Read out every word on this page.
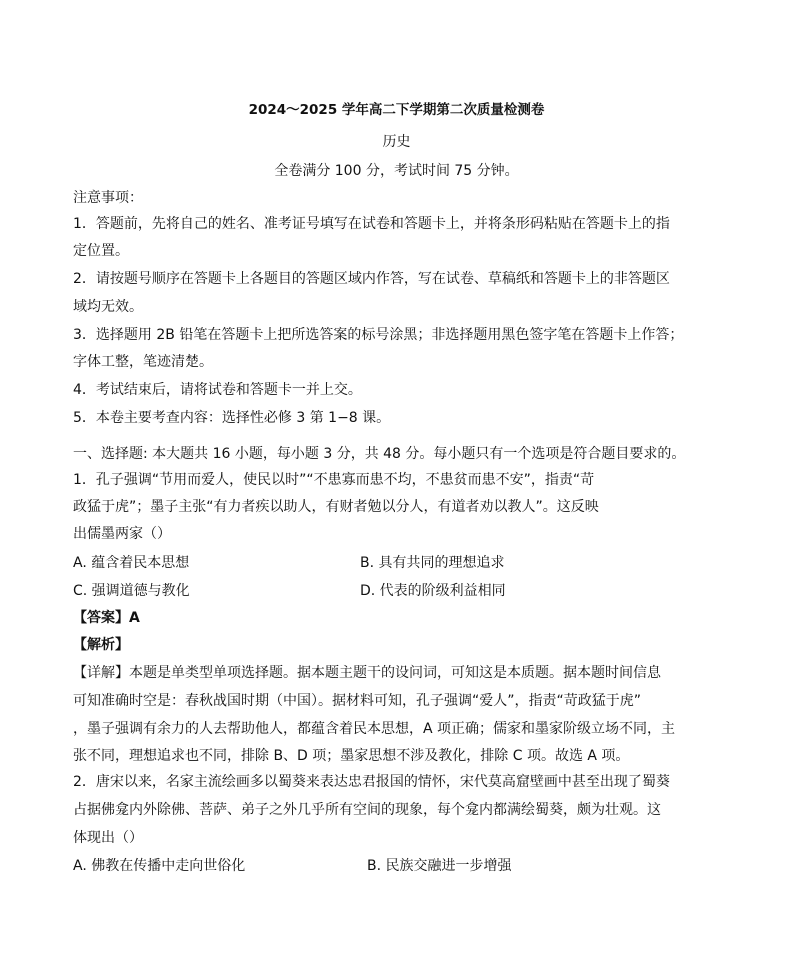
2024～2025 学年高二下学期第二次质量检测卷
历史
全卷满分 100 分，考试时间 75 分钟。
注意事项：
1．答题前，先将自己的姓名、准考证号填写在试卷和答题卡上，并将条形码粘贴在答题卡上的指
定位置。
2．请按题号顺序在答题卡上各题目的答题区域内作答，写在试卷、草稿纸和答题卡上的非答题区
域均无效。
3．选择题用 2B 铅笔在答题卡上把所选答案的标号涂黑；非选择题用黑色签字笔在答题卡上作答；
字体工整，笔迹清楚。
4．考试结束后，请将试卷和答题卡一并上交。
5．本卷主要考查内容：选择性必修 3 第 1−8 课。
一、选择题: 本大题共 16 小题，每小题 3 分，共 48 分。每小题只有一个选项是符合题目要求的。
1．孔子强调“节用而爱人，使民以时”“不患寡而患不均，不患贫而患不安”，指责“苛
政猛于虎”；墨子主张“有力者疾以助人，有财者勉以分人，有道者劝以教人”。这反映
出儒墨两家（）
A. 蕴含着民本思想	B. 具有共同的理想追求
C. 强调道德与教化	D. 代表的阶级利益相同
【答案】A
【解析】
【详解】本题是单类型单项选择题。据本题主题干的设问词，可知这是本质题。据本题时间信息
可知准确时空是：春秋战国时期（中国）。据材料可知，孔子强调“爱人”，指责“苛政猛于虎”
，墨子强调有余力的人去帮助他人，都蕴含着民本思想，A 项正确；儒家和墨家阶级立场不同，主
张不同，理想追求也不同，排除 B、D 项；墨家思想不涉及教化，排除 C 项。故选 A 项。
2．唐宋以来，名家主流绘画多以蜀葵来表达忠君报国的情怀，宋代莫高窟壁画中甚至出现了蜀葵
占据佛龛内外除佛、菩萨、弟子之外几乎所有空间的现象，每个龛内都满绘蜀葵，颇为壮观。这
体现出（）
A. 佛教在传播中走向世俗化	B. 民族交融进一步增强
